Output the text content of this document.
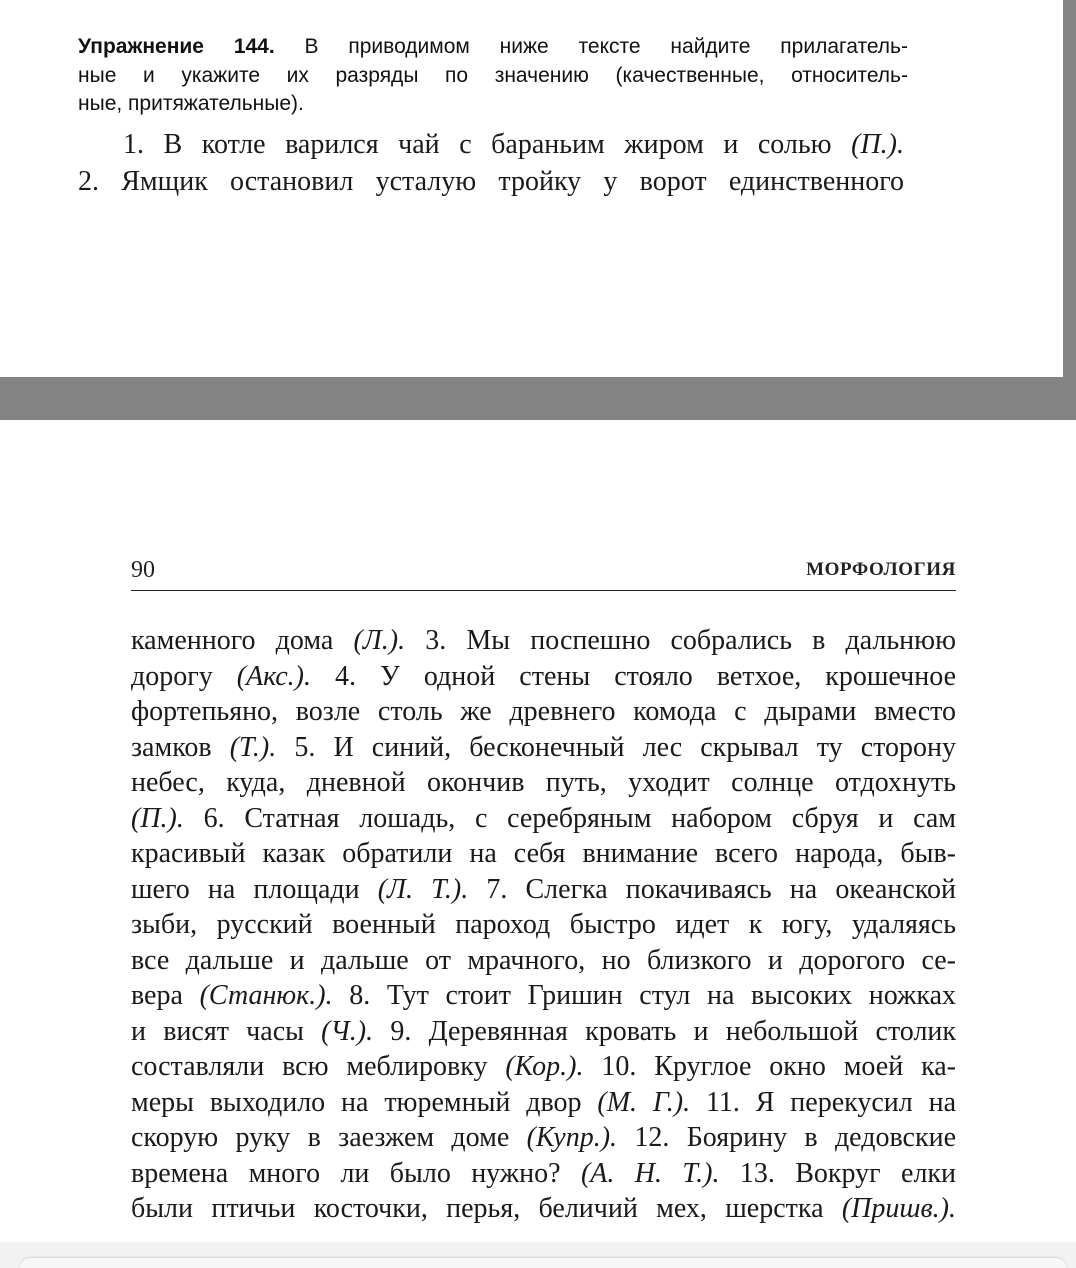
Упражнение 144. В приводимом ниже тексте найдите прилагатель-
ные и укажите их разряды по значению (качественные, относитель-
ные, притяжательные).
1. В котле варился чай с бараньим жиром и солью (П.).
2. Ямщик остановил усталую тройку у ворот единственного
90	МОРФОЛОГИЯ
каменного дома (Л.). 3. Мы поспешно собрались в дальнюю
дорогу (Акс.). 4. У одной стены стояло ветхое, крошечное
фортепьяно, возле столь же древнего комода с дырами вместо
замков (Т.). 5. И синий, бесконечный лес скрывал ту сторону
небес, куда, дневной окончив путь, уходит солнце отдохнуть
(П.). 6. Статная лошадь, с серебряным набором сбруя и сам
красивый казак обратили на себя внимание всего народа, быв-
шего на площади (Л. Т.). 7. Слегка покачиваясь на океанской
зыби, русский военный пароход быстро идет к югу, удаляясь
все дальше и дальше от мрачного, но близкого и дорогого се-
вера (Станюк.). 8. Тут стоит Гришин стул на высоких ножках
и висят часы (Ч.). 9. Деревянная кровать и небольшой столик
составляли всю меблировку (Кор.). 10. Круглое окно моей ка-
меры выходило на тюремный двор (М. Г.). 11. Я перекусил на
скорую руку в заезжем доме (Купр.). 12. Боярину в дедовские
времена много ли было нужно? (А. Н. Т.). 13. Вокруг елки
были птичьи косточки, перья, беличий мех, шерстка (Пришв.).
